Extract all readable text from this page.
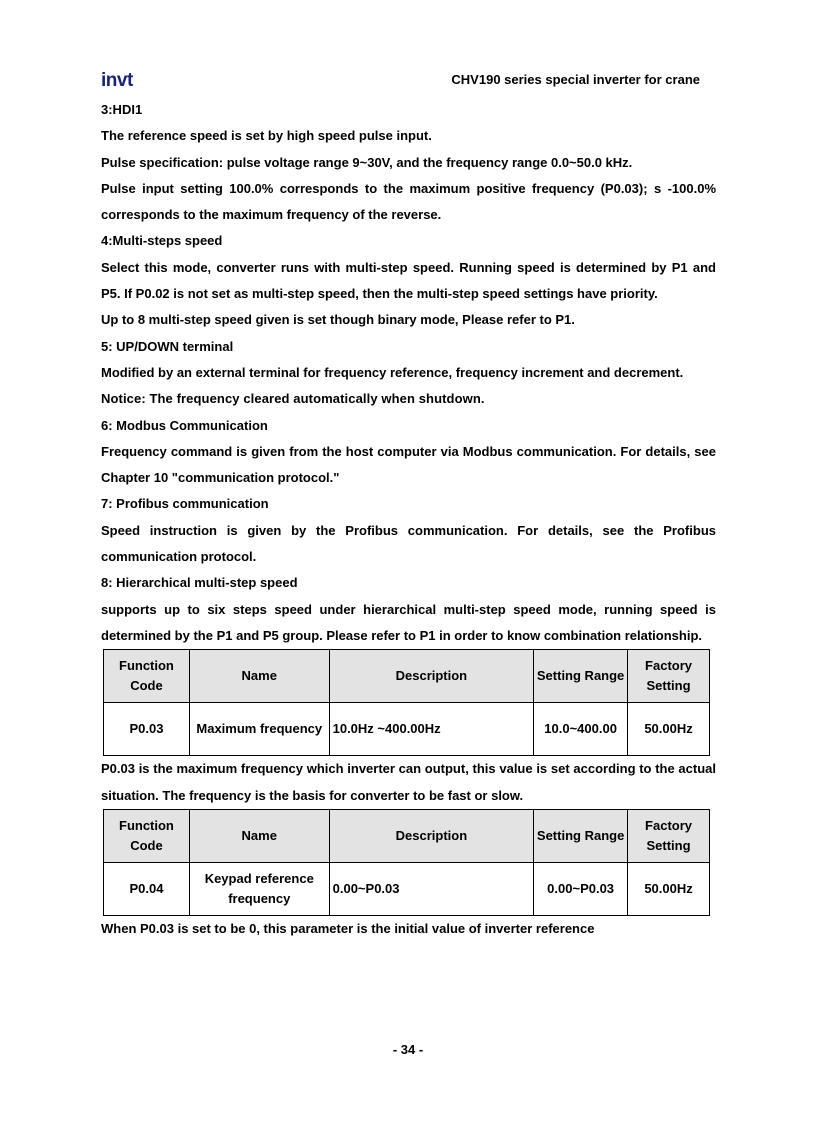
invt	CHV190 series special inverter for crane

3:HDI1

The reference speed is set by high speed pulse input.

Pulse specification: pulse voltage range 9~30V, and the frequency range 0.0~50.0 kHz.

Pulse input setting 100.0% corresponds to the maximum positive frequency (P0.03); s -100.0% corresponds to the maximum frequency of the reverse.

4:Multi-steps speed

Select this mode, converter runs with multi-step speed. Running speed is determined by P1 and P5. If P0.02 is not set as multi-step speed, then the multi-step speed settings have priority.

Up to 8 multi-step speed given is set though binary mode, Please refer to P1.

5: UP/DOWN terminal

Modified by an external terminal for frequency reference, frequency increment and decrement.

Notice: The frequency cleared automatically when shutdown.

6: Modbus Communication

Frequency command is given from the host computer via Modbus communication. For details, see Chapter 10 "communication protocol."

7: Profibus communication

Speed instruction is given by the Profibus communication. For details, see the Profibus communication protocol.

8: Hierarchical multi-step speed

supports up to six steps speed under hierarchical multi-step speed mode, running speed is determined by the P1 and P5 group. Please refer to P1 in order to know combination relationship.

Function Code	Name	Description	Setting Range	Factory Setting
P0.03	Maximum frequency	10.0Hz ~400.00Hz	10.0~400.00	50.00Hz

P0.03 is the maximum frequency which inverter can output, this value is set according to the actual situation. The frequency is the basis for converter to be fast or slow.

Function Code	Name	Description	Setting Range	Factory Setting
P0.04	Keypad reference frequency	0.00~P0.03	0.00~P0.03	50.00Hz

When P0.03 is set to be 0, this parameter is the initial value of inverter reference

- 34 -
